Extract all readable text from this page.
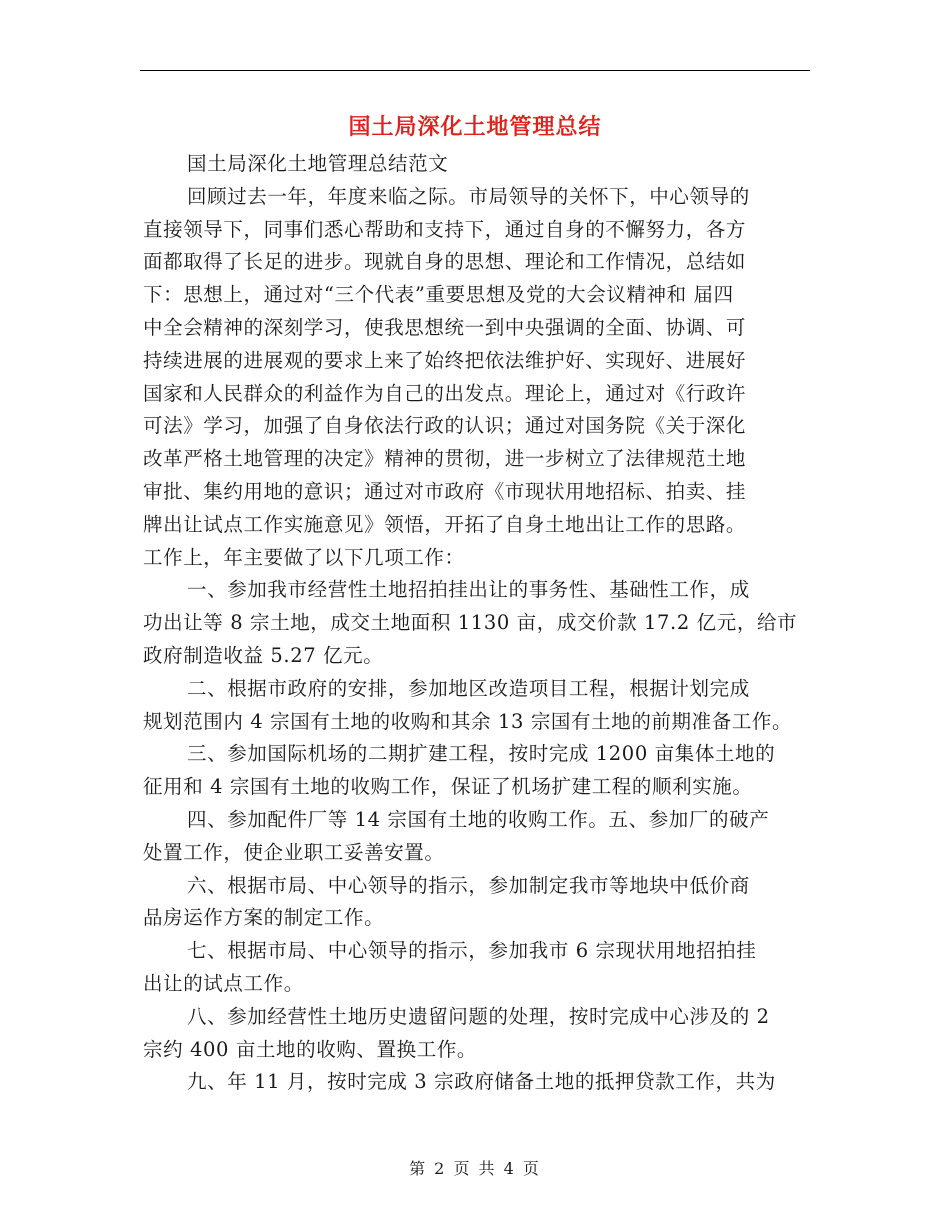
国土局深化土地管理总结
国土局深化土地管理总结范文
回顾过去一年，年度来临之际。市局领导的关怀下，中心领导的
直接领导下，同事们悉心帮助和支持下，通过自身的不懈努力，各方
面都取得了长足的进步。现就自身的思想、理论和工作情况，总结如
下：思想上，通过对“三个代表”重要思想及党的大会议精神和 届四
中全会精神的深刻学习，使我思想统一到中央强调的全面、协调、可
持续进展的进展观的要求上来了始终把依法维护好、实现好、进展好
国家和人民群众的利益作为自己的出发点。理论上，通过对《行政许
可法》学习，加强了自身依法行政的认识；通过对国务院《关于深化
改革严格土地管理的决定》精神的贯彻，进一步树立了法律规范土地
审批、集约用地的意识；通过对市政府《市现状用地招标、拍卖、挂
牌出让试点工作实施意见》领悟，开拓了自身土地出让工作的思路。
工作上，年主要做了以下几项工作：
一、参加我市经营性土地招拍挂出让的事务性、基础性工作，成
功出让等 8 宗土地，成交土地面积 1130 亩，成交价款 17.2 亿元，给市
政府制造收益 5.27 亿元。
二、根据市政府的安排，参加地区改造项目工程，根据计划完成
规划范围内 4 宗国有土地的收购和其余 13 宗国有土地的前期准备工作。
三、参加国际机场的二期扩建工程，按时完成 1200 亩集体土地的
征用和 4 宗国有土地的收购工作，保证了机场扩建工程的顺利实施。
四、参加配件厂等 14 宗国有土地的收购工作。五、参加厂的破产
处置工作，使企业职工妥善安置。
六、根据市局、中心领导的指示，参加制定我市等地块中低价商
品房运作方案的制定工作。
七、根据市局、中心领导的指示，参加我市 6 宗现状用地招拍挂
出让的试点工作。
八、参加经营性土地历史遗留问题的处理，按时完成中心涉及的 2
宗约 400 亩土地的收购、置换工作。
九、年 11 月，按时完成 3 宗政府储备土地的抵押贷款工作，共为
第 2 页 共 4 页
